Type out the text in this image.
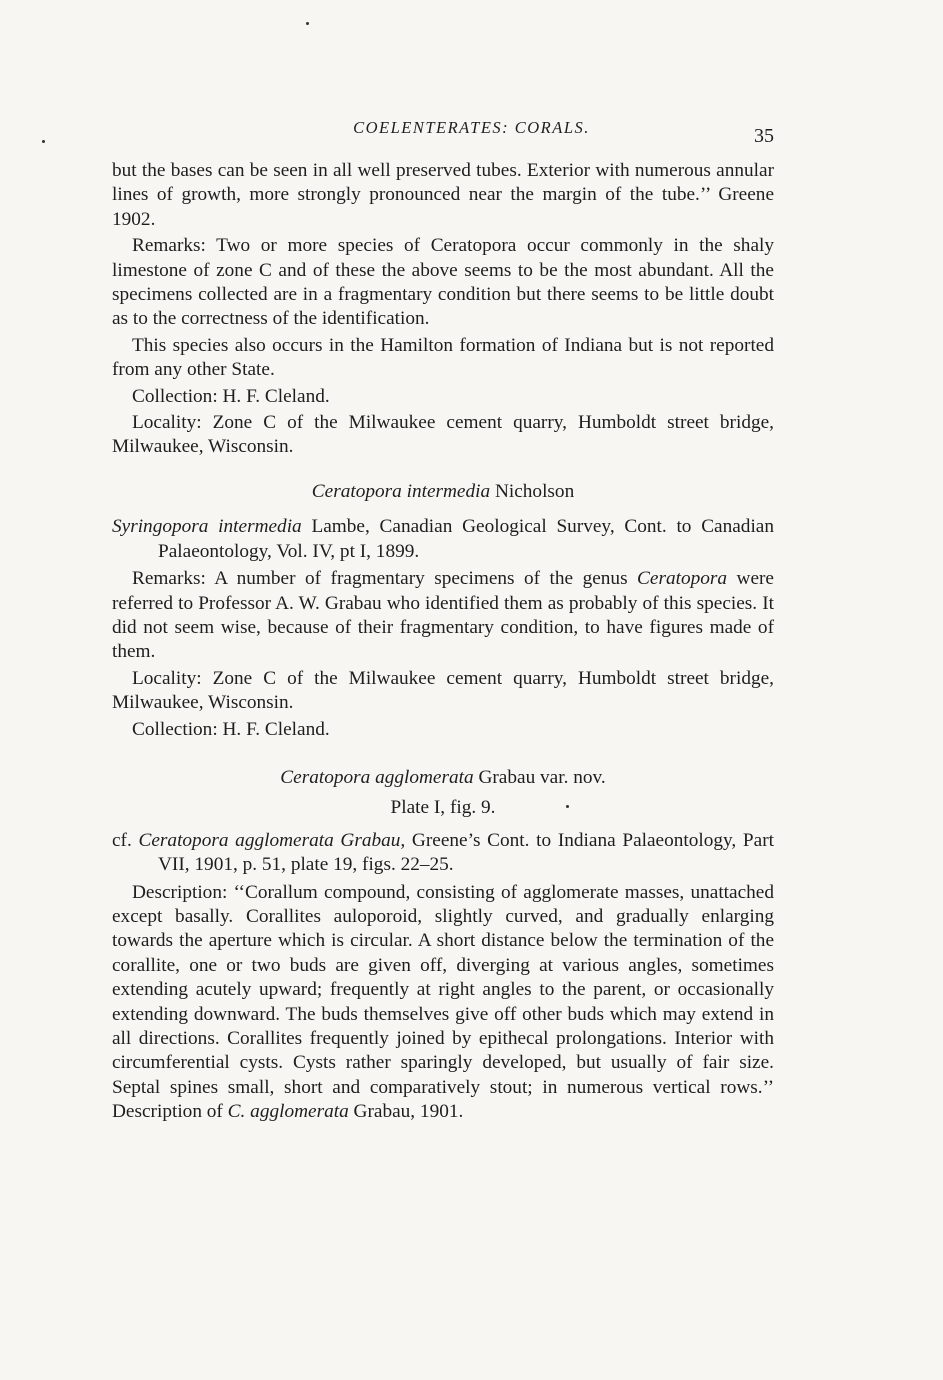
COELENTERATES: CORALS.	35

but the bases can be seen in all well preserved tubes. Exterior with numerous annular lines of growth, more strongly pronounced near the margin of the tube.’’ Greene 1902.

Remarks: Two or more species of Ceratopora occur commonly in the shaly limestone of zone C and of these the above seems to be the most abundant. All the specimens collected are in a fragmentary condition but there seems to be little doubt as to the correctness of the identification.

This species also occurs in the Hamilton formation of Indiana but is not reported from any other State.

Collection: H. F. Cleland.

Locality: Zone C of the Milwaukee cement quarry, Humboldt street bridge, Milwaukee, Wisconsin.

Ceratopora intermedia Nicholson

Syringopora intermedia Lambe, Canadian Geological Survey, Cont. to Canadian Palaeontology, Vol. IV, pt I, 1899.

Remarks: A number of fragmentary specimens of the genus Ceratopora were referred to Professor A. W. Grabau who identified them as probably of this species. It did not seem wise, because of their fragmentary condition, to have figures made of them.

Locality: Zone C of the Milwaukee cement quarry, Humboldt street bridge, Milwaukee, Wisconsin.

Collection: H. F. Cleland.

Ceratopora agglomerata Grabau var. nov.

Plate I, fig. 9.

cf. Ceratopora agglomerata Grabau, Greene’s Cont. to Indiana Palaeontology, Part VII, 1901, p. 51, plate 19, figs. 22–25.

Description: ‘‘Corallum compound, consisting of agglomerate masses, unattached except basally. Corallites auloporoid, slightly curved, and gradually enlarging towards the aperture which is circular. A short distance below the termination of the corallite, one or two buds are given off, diverging at various angles, sometimes extending acutely upward; frequently at right angles to the parent, or occasionally extending downward. The buds themselves give off other buds which may extend in all directions. Corallites frequently joined by epithecal prolongations. Interior with circumferential cysts. Cysts rather sparingly developed, but usually of fair size. Septal spines small, short and comparatively stout; in numerous vertical rows.’’ Description of C. agglomerata Grabau, 1901.
